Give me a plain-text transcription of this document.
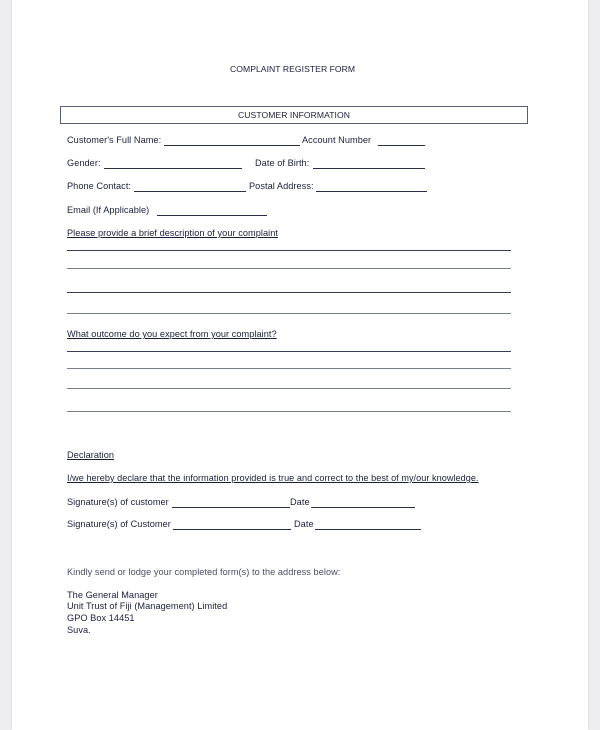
COMPLAINT REGISTER FORM
CUSTOMER INFORMATION
Customer's Full Name:	Account Number
Gender:	Date of Birth:
Phone Contact:	Postal Address:
Email (If Applicable)
Please provide a brief description of your complaint
What outcome do you expect from your complaint?
Declaration
I/we hereby declare that the information provided is true and correct to the best of my/our knowledge.
Signature(s) of customer	Date
Signature(s) of Customer	Date
Kindly send or lodge your completed form(s) to the address below:
The General Manager
Unit Trust of Fiji (Management) Limited
GPO Box 14451
Suva.
